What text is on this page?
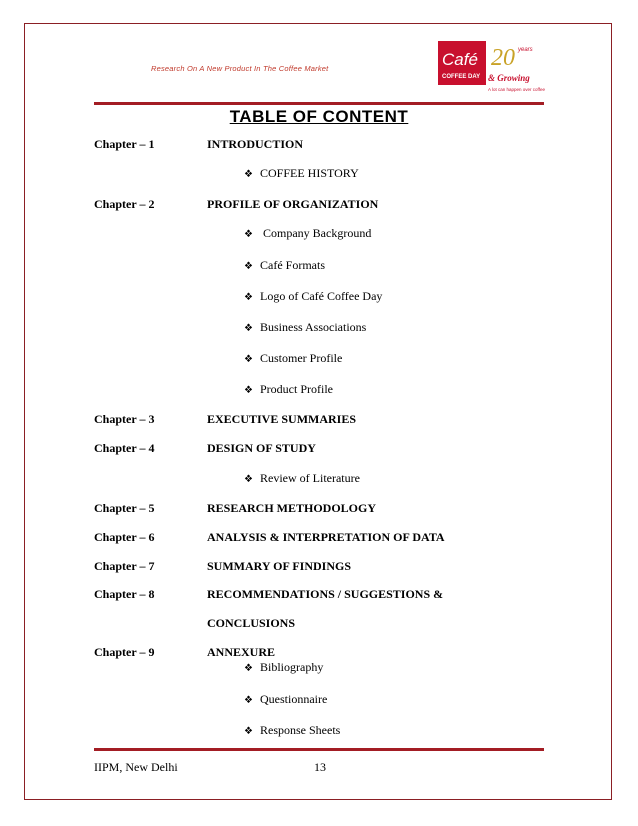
Research On A New Product In The Coffee Market	Café
COFFEE DAY
20 years
& Growing
A lot can happen over coffee
TABLE OF CONTENT
Chapter – 1	INTRODUCTION
❖ COFFEE HISTORY
Chapter – 2	PROFILE OF ORGANIZATION
❖ Company Background
❖ Café Formats
❖ Logo of Café Coffee Day
❖ Business Associations
❖ Customer Profile
❖ Product Profile
Chapter – 3	EXECUTIVE SUMMARIES
Chapter – 4	DESIGN OF STUDY
❖ Review of Literature
Chapter – 5	RESEARCH METHODOLOGY
Chapter – 6	ANALYSIS & INTERPRETATION OF DATA
Chapter – 7	SUMMARY OF FINDINGS
Chapter – 8	RECOMMENDATIONS / SUGGESTIONS &
CONCLUSIONS
Chapter – 9	ANNEXURE
❖ Bibliography
❖ Questionnaire
❖ Response Sheets
IIPM, New Delhi	13
